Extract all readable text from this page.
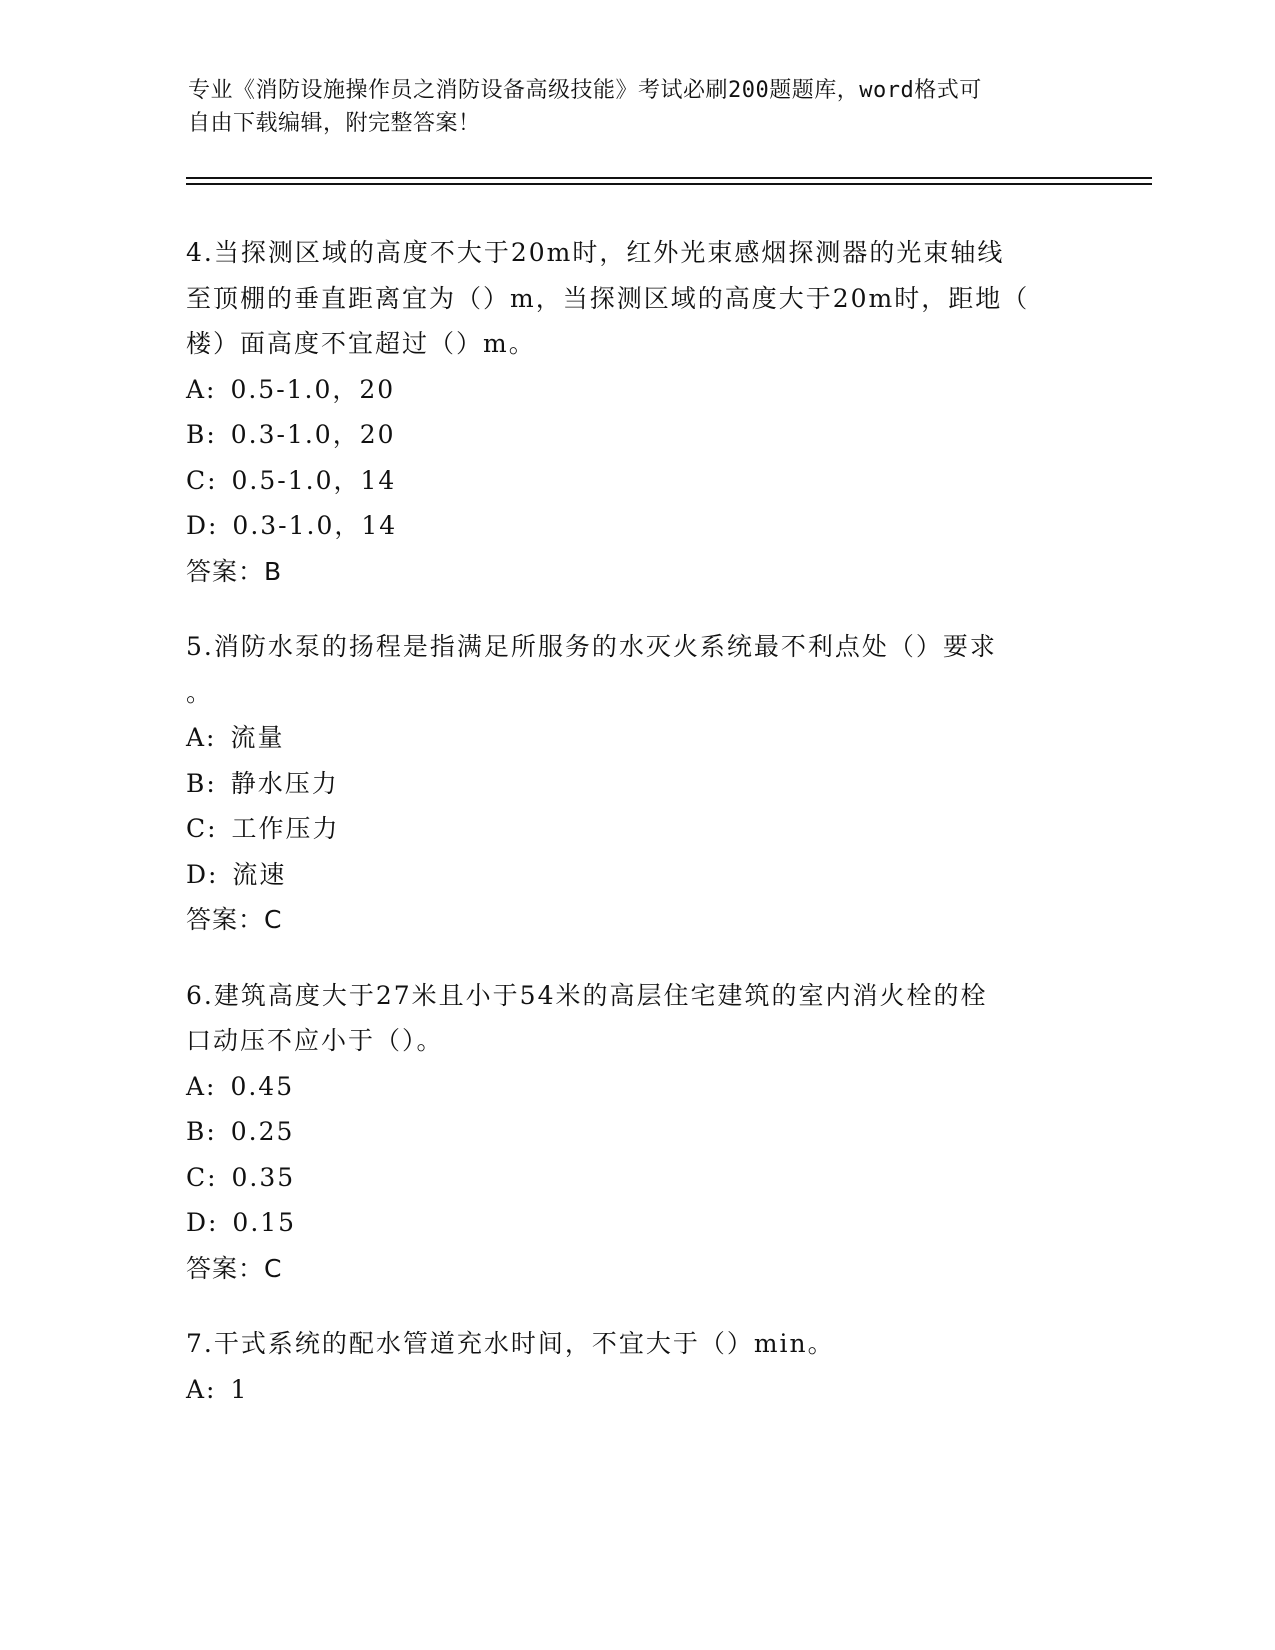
专业《消防设施操作员之消防设备高级技能》考试必刷200题题库，word格式可
自由下载编辑，附完整答案！
4.当探测区域的高度不大于20m时，红外光束感烟探测器的光束轴线
至顶棚的垂直距离宜为（）m，当探测区域的高度大于20m时，距地（
楼）面高度不宜超过（）m。
A: 0.5-1.0，20
B: 0.3-1.0，20
C: 0.5-1.0，14
D: 0.3-1.0，14
答案：B
5.消防水泵的扬程是指满足所服务的水灭火系统最不利点处（）要求
。
A: 流量
B: 静水压力
C: 工作压力
D: 流速
答案：C
6.建筑高度大于27米且小于54米的高层住宅建筑的室内消火栓的栓
口动压不应小于（）。
A: 0.45
B: 0.25
C: 0.35
D: 0.15
答案：C
7.干式系统的配水管道充水时间，不宜大于（）min。
A: 1
